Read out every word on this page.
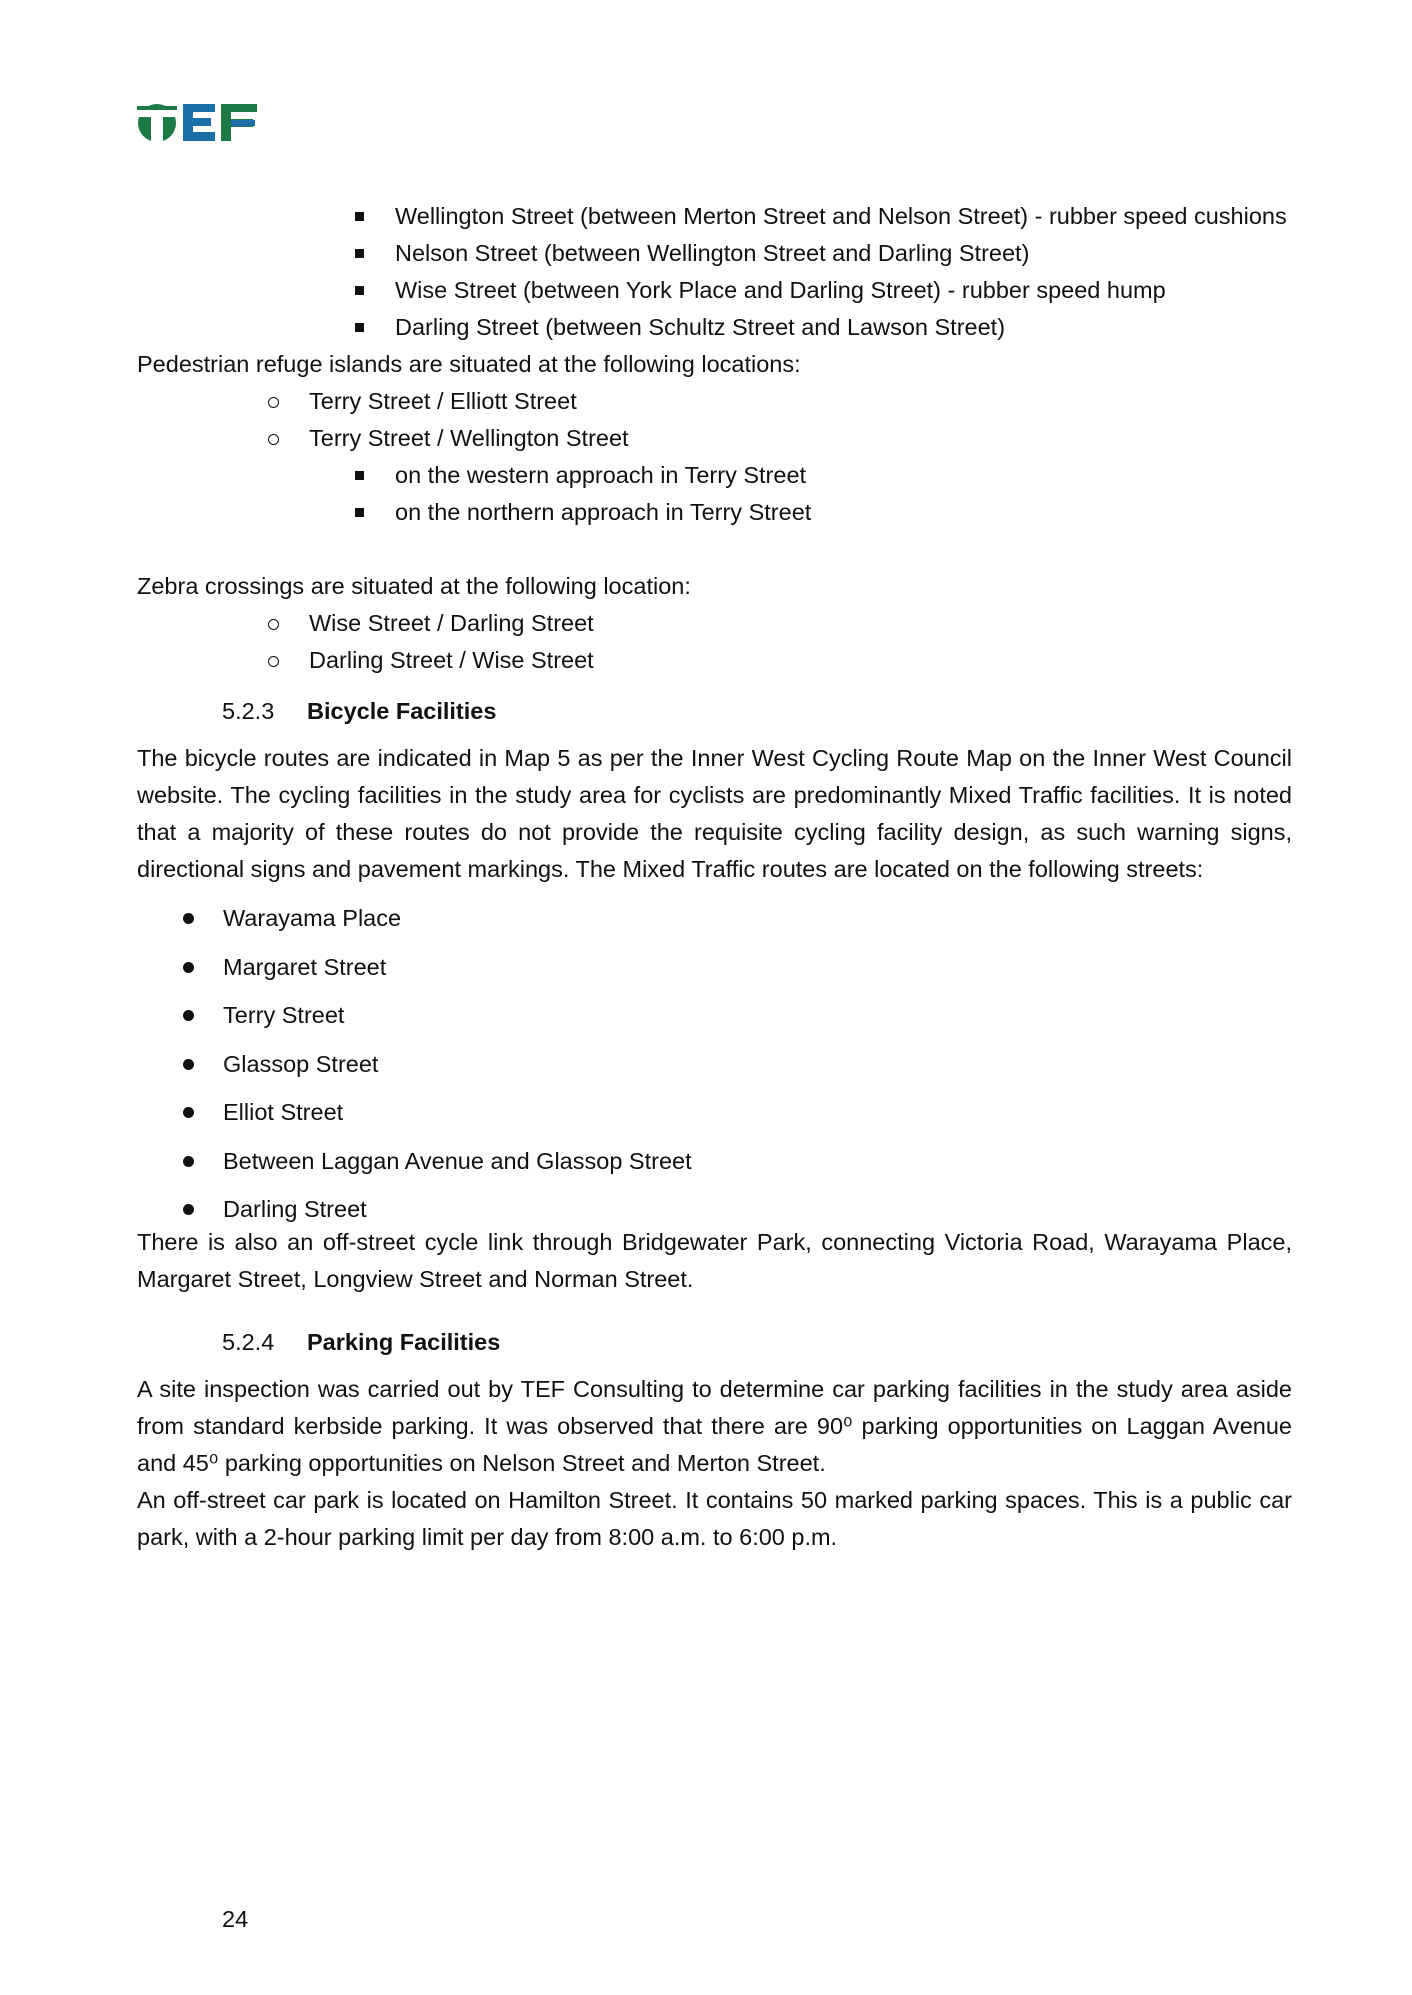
Wellington Street (between Merton Street and Nelson Street) - rubber speed cushions
Nelson Street (between Wellington Street and Darling Street)
Wise Street (between York Place and Darling Street) - rubber speed hump
Darling Street (between Schultz Street and Lawson Street)
Pedestrian refuge islands are situated at the following locations:
Terry Street / Elliott Street
Terry Street / Wellington Street
on the western approach in Terry Street
on the northern approach in Terry Street
Zebra crossings are situated at the following location:
Wise Street / Darling Street
Darling Street / Wise Street
5.2.3 Bicycle Facilities
The bicycle routes are indicated in Map 5 as per the Inner West Cycling Route Map on the Inner West Council website. The cycling facilities in the study area for cyclists are predominantly Mixed Traffic facilities. It is noted that a majority of these routes do not provide the requisite cycling facility design, as such warning signs, directional signs and pavement markings. The Mixed Traffic routes are located on the following streets:
Warayama Place
Margaret Street
Terry Street
Glassop Street
Elliot Street
Between Laggan Avenue and Glassop Street
Darling Street
There is also an off-street cycle link through Bridgewater Park, connecting Victoria Road, Warayama Place, Margaret Street, Longview Street and Norman Street.
5.2.4 Parking Facilities
A site inspection was carried out by TEF Consulting to determine car parking facilities in the study area aside from standard kerbside parking. It was observed that there are 90⁰ parking opportunities on Laggan Avenue and 45⁰ parking opportunities on Nelson Street and Merton Street.
An off-street car park is located on Hamilton Street. It contains 50 marked parking spaces. This is a public car park, with a 2-hour parking limit per day from 8:00 a.m. to 6:00 p.m.
24
